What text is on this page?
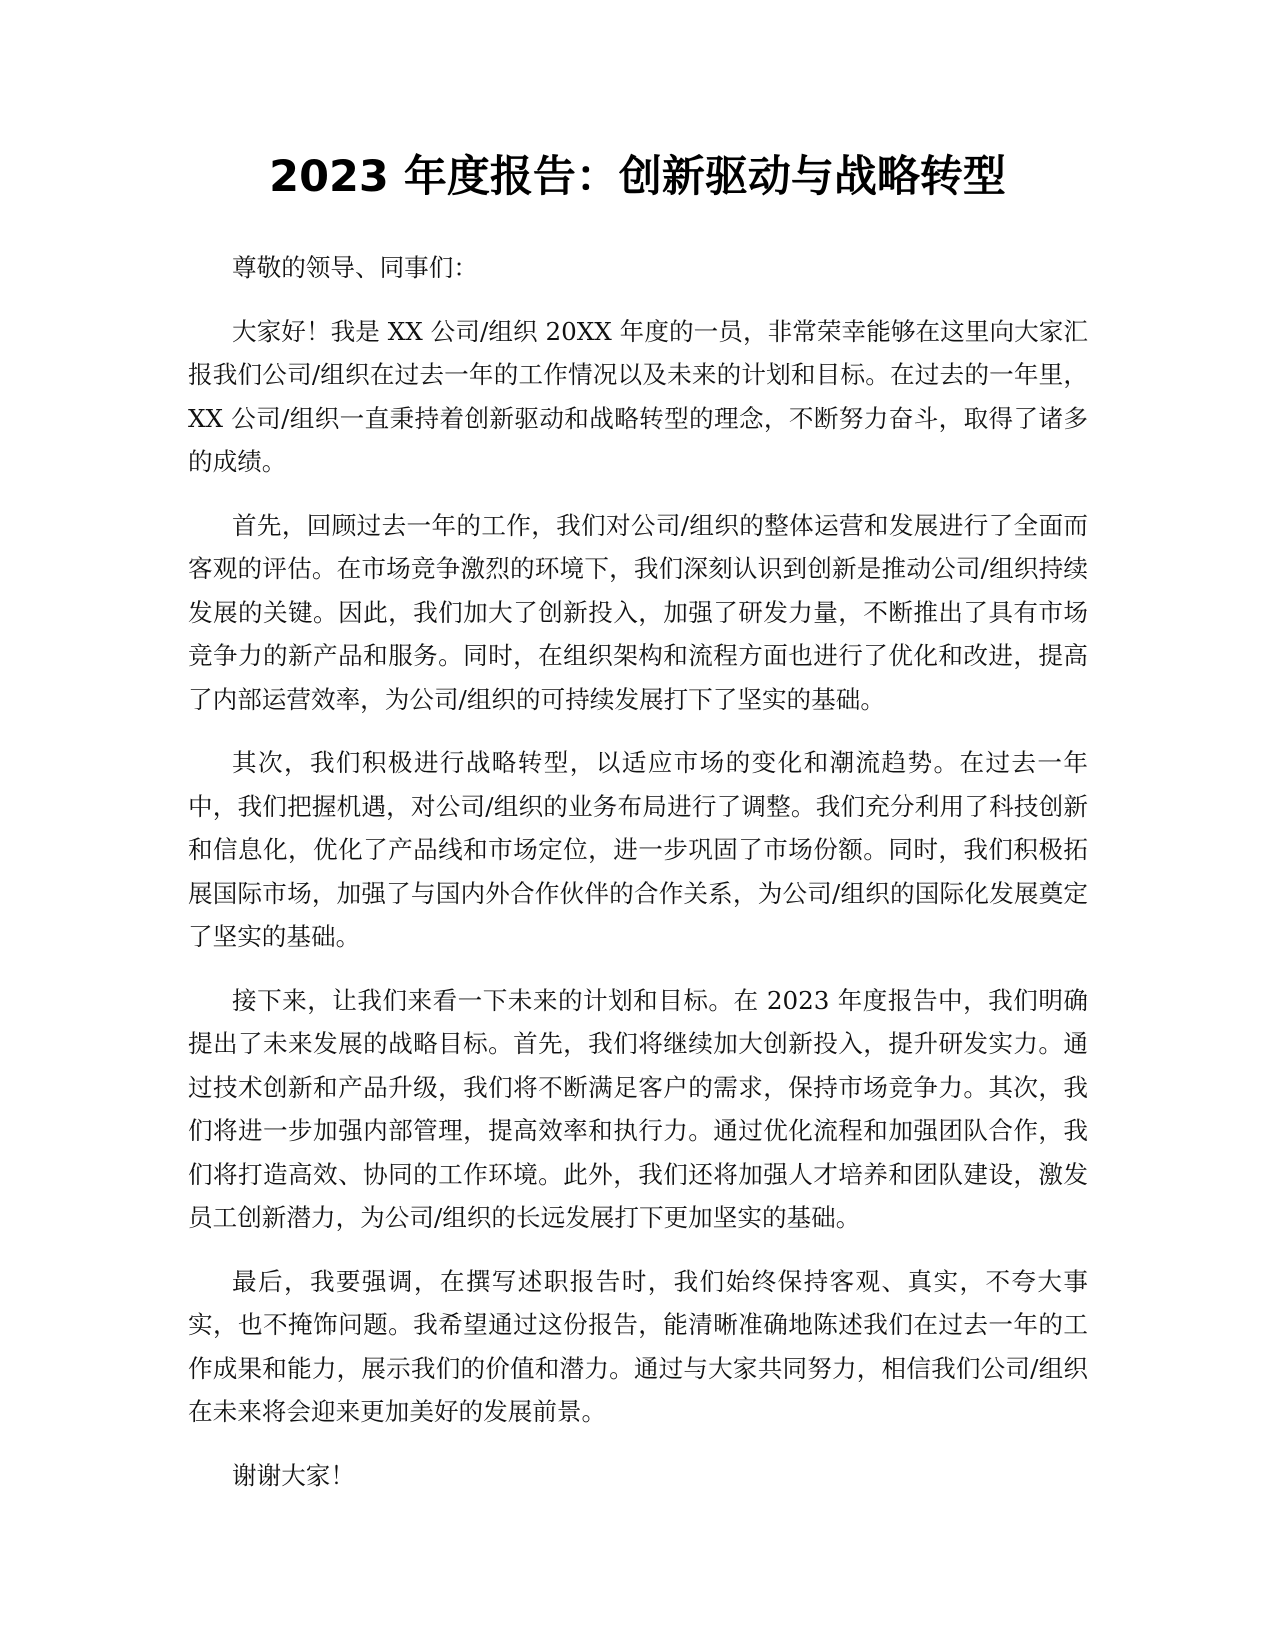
2023 年度报告：创新驱动与战略转型

尊敬的领导、同事们：

大家好！我是 XX 公司/组织 20XX 年度的一员，非常荣幸能够在这里向大家汇报我们公司/组织在过去一年的工作情况以及未来的计划和目标。在过去的一年里，XX 公司/组织一直秉持着创新驱动和战略转型的理念，不断努力奋斗，取得了诸多的成绩。

首先，回顾过去一年的工作，我们对公司/组织的整体运营和发展进行了全面而客观的评估。在市场竞争激烈的环境下，我们深刻认识到创新是推动公司/组织持续发展的关键。因此，我们加大了创新投入，加强了研发力量，不断推出了具有市场竞争力的新产品和服务。同时，在组织架构和流程方面也进行了优化和改进，提高了内部运营效率，为公司/组织的可持续发展打下了坚实的基础。

其次，我们积极进行战略转型，以适应市场的变化和潮流趋势。在过去一年中，我们把握机遇，对公司/组织的业务布局进行了调整。我们充分利用了科技创新和信息化，优化了产品线和市场定位，进一步巩固了市场份额。同时，我们积极拓展国际市场，加强了与国内外合作伙伴的合作关系，为公司/组织的国际化发展奠定了坚实的基础。

接下来，让我们来看一下未来的计划和目标。在 2023 年度报告中，我们明确提出了未来发展的战略目标。首先，我们将继续加大创新投入，提升研发实力。通过技术创新和产品升级，我们将不断满足客户的需求，保持市场竞争力。其次，我们将进一步加强内部管理，提高效率和执行力。通过优化流程和加强团队合作，我们将打造高效、协同的工作环境。此外，我们还将加强人才培养和团队建设，激发员工创新潜力，为公司/组织的长远发展打下更加坚实的基础。

最后，我要强调，在撰写述职报告时，我们始终保持客观、真实，不夸大事实，也不掩饰问题。我希望通过这份报告，能清晰准确地陈述我们在过去一年的工作成果和能力，展示我们的价值和潜力。通过与大家共同努力，相信我们公司/组织在未来将会迎来更加美好的发展前景。

谢谢大家！
